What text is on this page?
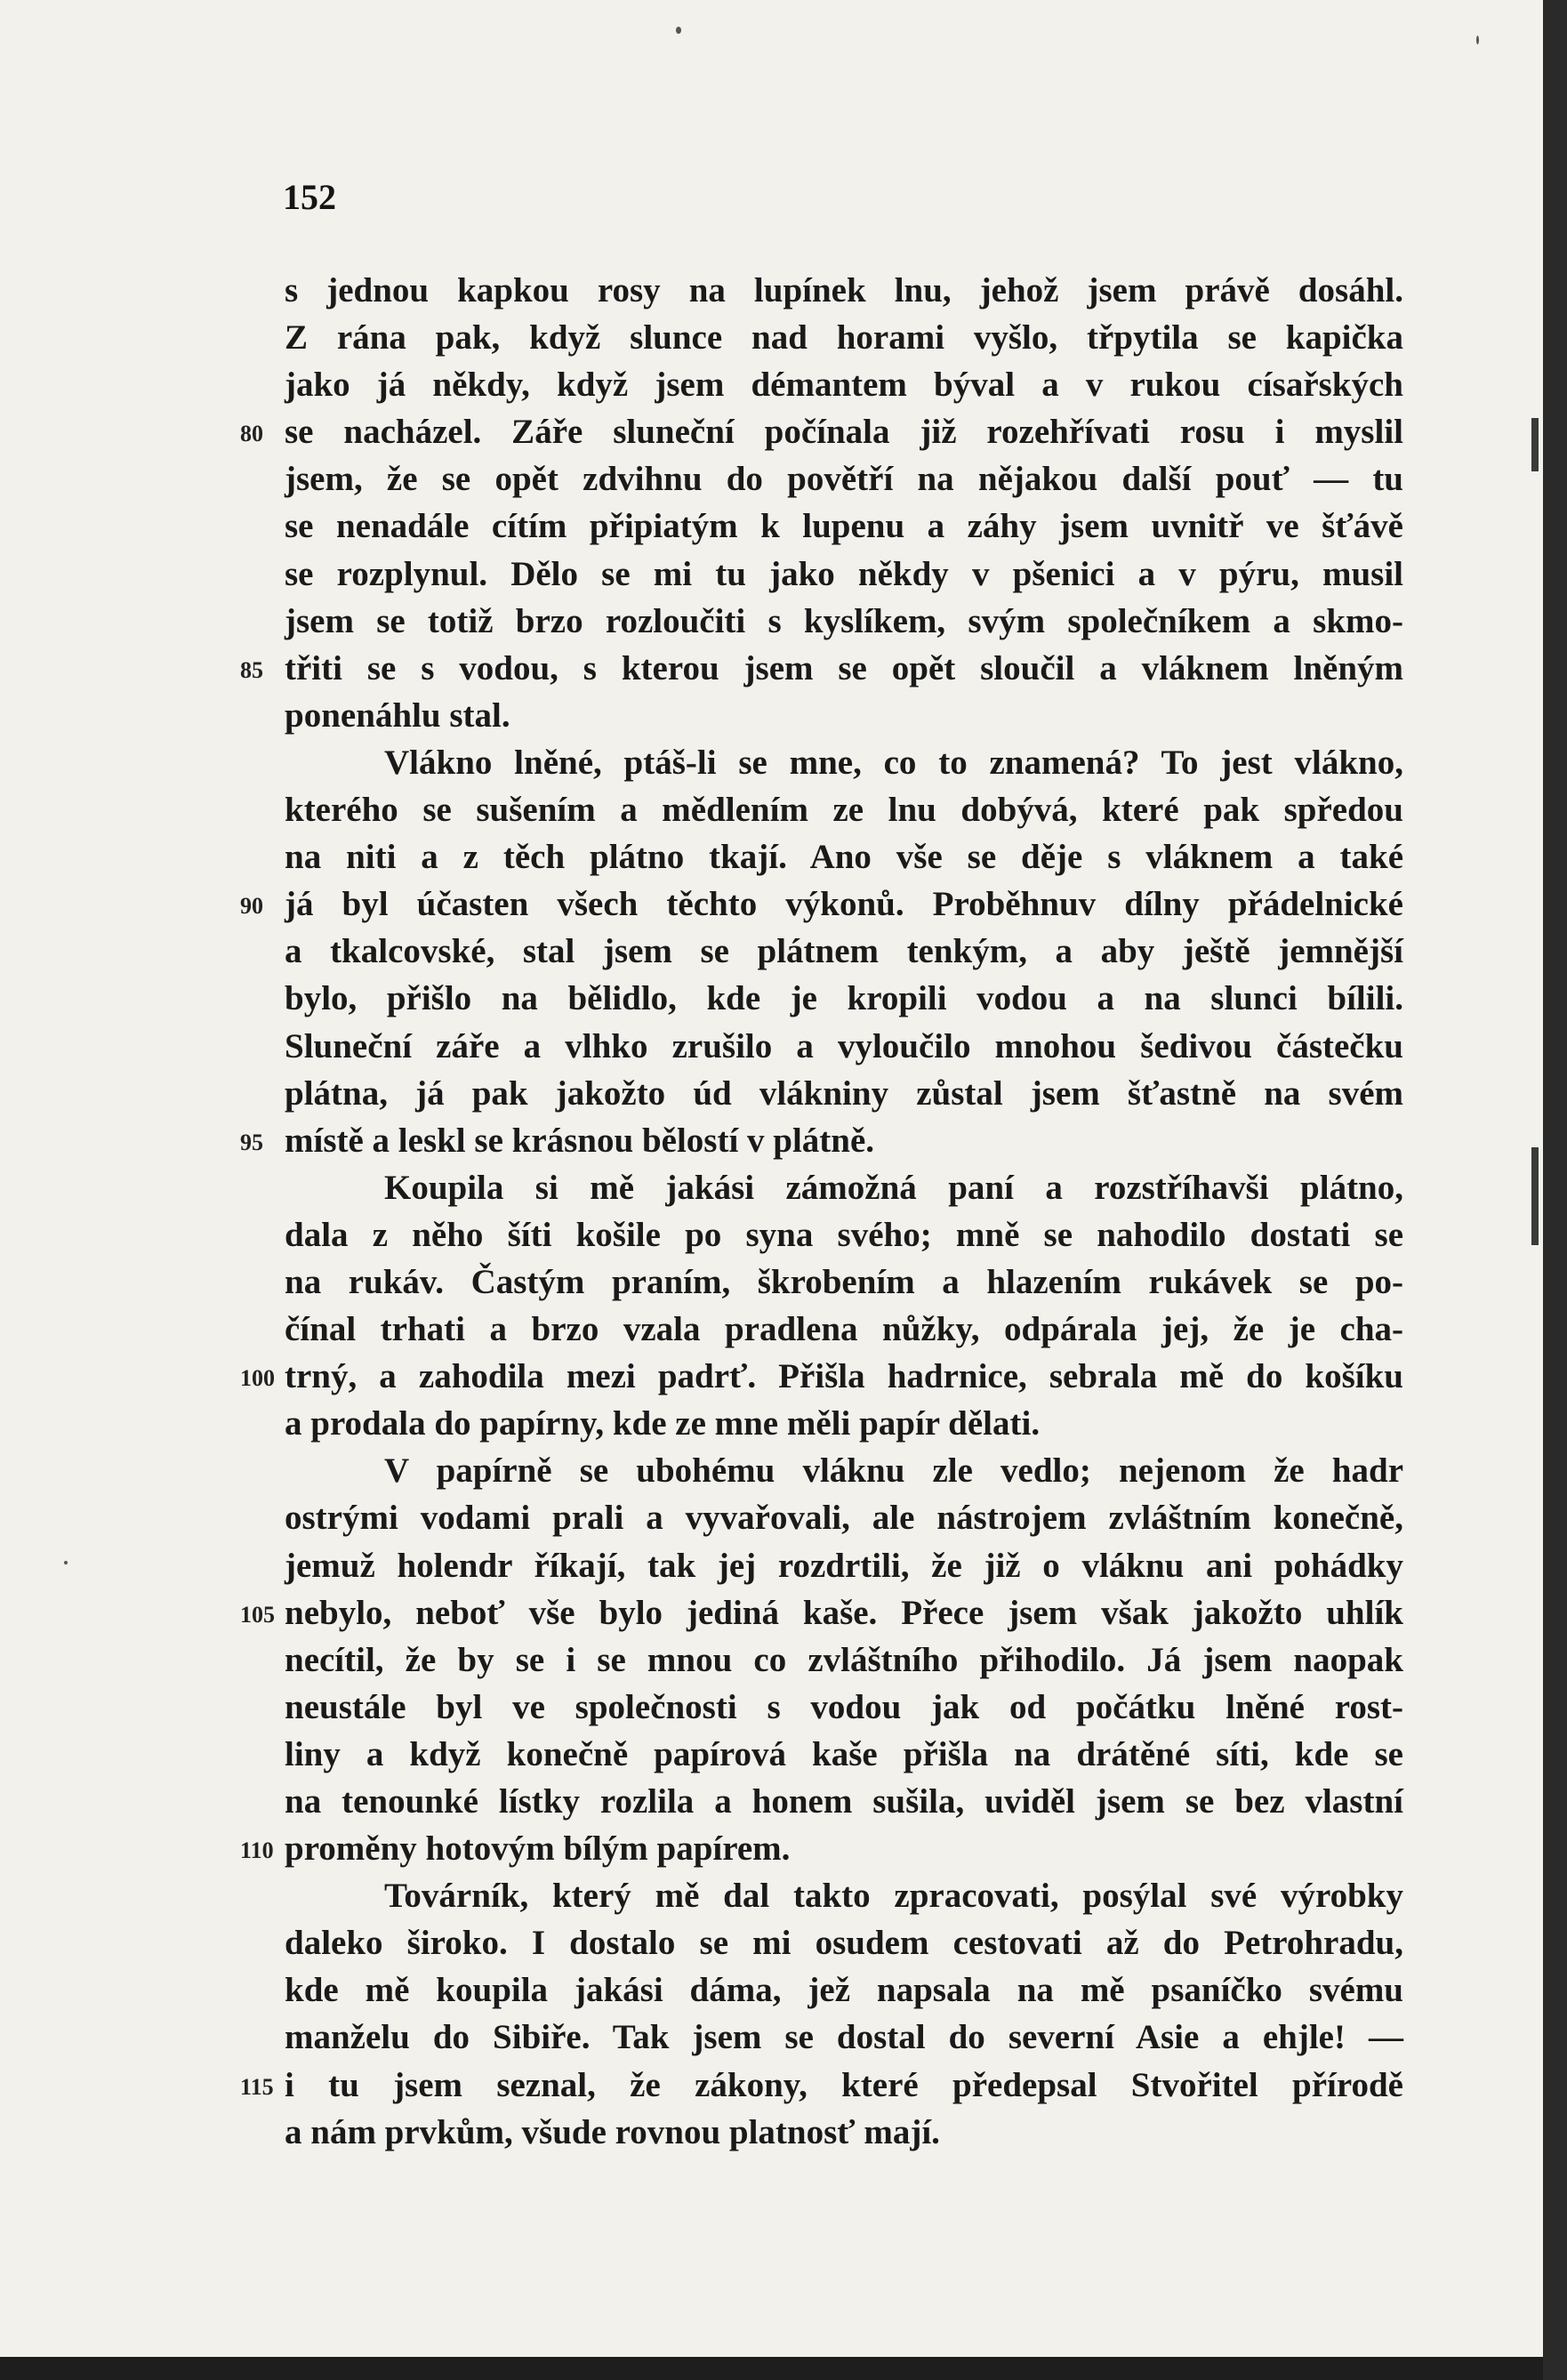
152

s jednou kapkou rosy na lupínek lnu, jehož jsem právě dosáhl.
Z rána pak, když slunce nad horami vyšlo, třpytila se kapička
jako já někdy, když jsem démantem býval a v rukou císařských
80 se nacházel. Záře sluneční počínala již rozehřívati rosu i myslil
jsem, že se opět zdvihnu do povětří na nějakou další pouť — tu
se nenadále cítím připiatým k lupenu a záhy jsem uvnitř ve šťávě
se rozplynul. Dělo se mi tu jako někdy v pšenici a v pýru, musil
jsem se totiž brzo rozloučiti s kyslíkem, svým společníkem a skmo-
85 třiti se s vodou, s kterou jsem se opět sloučil a vláknem lněným
ponenáhlu stal.
Vlákno lněné, ptáš-li se mne, co to znamená? To jest vlákno,
kterého se sušením a mědlením ze lnu dobývá, které pak spředou
na niti a z těch plátno tkají. Ano vše se děje s vláknem a také
90 já byl účasten všech těchto výkonů. Proběhnuv dílny přádelnické
a tkalcovské, stal jsem se plátnem tenkým, a aby ještě jemnější
bylo, přišlo na bělidlo, kde je kropili vodou a na slunci bílili.
Sluneční záře a vlhko zrušilo a vyloučilo mnohou šedivou částečku
plátna, já pak jakožto úd vlákniny zůstal jsem šťastně na svém
95 místě a leskl se krásnou bělostí v plátně.
Koupila si mě jakási zámožná paní a rozstříhavši plátno,
dala z něho šíti košile po syna svého; mně se nahodilo dostati se
na rukáv. Častým praním, škrobením a hlazením rukávek se po-
čínal trhati a brzo vzala pradlena nůžky, odpárala jej, že je cha-
100 trný, a zahodila mezi padrť. Přišla hadrnice, sebrala mě do košíku
a prodala do papírny, kde ze mne měli papír dělati.
V papírně se ubohému vláknu zle vedlo; nejenom že hadr
ostrými vodami prali a vyvařovali, ale nástrojem zvláštním konečně,
jemuž holendr říkají, tak jej rozdrtili, že již o vláknu ani pohádky
105 nebylo, neboť vše bylo jediná kaše. Přece jsem však jakožto uhlík
necítil, že by se i se mnou co zvláštního přihodilo. Já jsem naopak
neustále byl ve společnosti s vodou jak od počátku lněné rost-
liny a když konečně papírová kaše přišla na drátěné síti, kde se
na tenounké lístky rozlila a honem sušila, uviděl jsem se bez vlastní
110 proměny hotovým bílým papírem.
Továrník, který mě dal takto zpracovati, posýlal své výrobky
daleko široko. I dostalo se mi osudem cestovati až do Petrohradu,
kde mě koupila jakási dáma, jež napsala na mě psaníčko svému
manželu do Sibiře. Tak jsem se dostal do severní Asie a ehjle! —
115 i tu jsem seznal, že zákony, které předepsal Stvořitel přírodě
a nám prvkům, všude rovnou platnosť mají.
